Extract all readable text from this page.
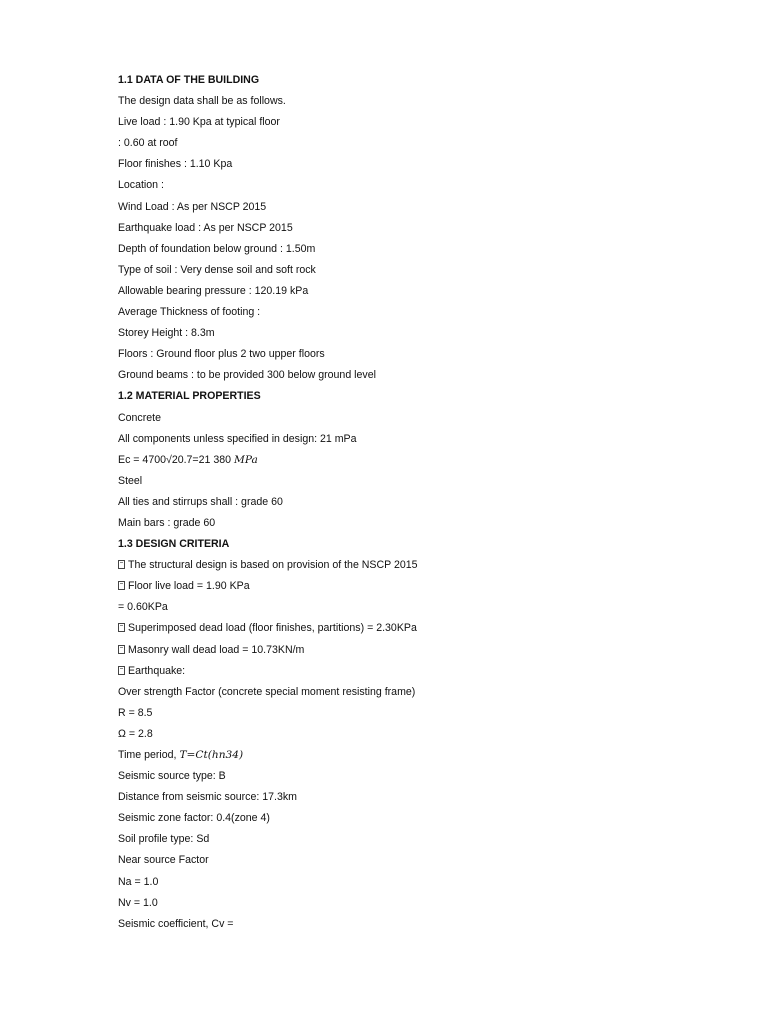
1.1 DATA OF THE BUILDING
The design data shall be as follows.
Live load : 1.90 Kpa at typical floor
: 0.60 at roof
Floor finishes : 1.10 Kpa
Location :
Wind Load : As per NSCP 2015
Earthquake load : As per NSCP 2015
Depth of foundation below ground : 1.50m
Type of soil : Very dense soil and soft rock
Allowable bearing pressure : 120.19 kPa
Average Thickness of footing :
Storey Height : 8.3m
Floors : Ground floor plus 2 two upper floors
Ground beams : to be provided 300 below ground level
1.2 MATERIAL PROPERTIES
Concrete
All components unless specified in design: 21 mPa
Ec = 4700√20.7=21 380 MPa
Steel
All ties and stirrups shall : grade 60
Main bars : grade 60
1.3 DESIGN CRITERIA
The structural design is based on provision of the NSCP 2015
Floor live load = 1.90 KPa
= 0.60KPa
Superimposed dead load (floor finishes, partitions) = 2.30KPa
Masonry wall dead load = 10.73KN/m
Earthquake:
Over strength Factor (concrete special moment resisting frame)
R = 8.5
Ω = 2.8
Time period, T=Ct(hn34)
Seismic source type: B
Distance from seismic source: 17.3km
Seismic zone factor: 0.4(zone 4)
Soil profile type: Sd
Near source Factor
Na = 1.0
Nv = 1.0
Seismic coefficient, Cv =
